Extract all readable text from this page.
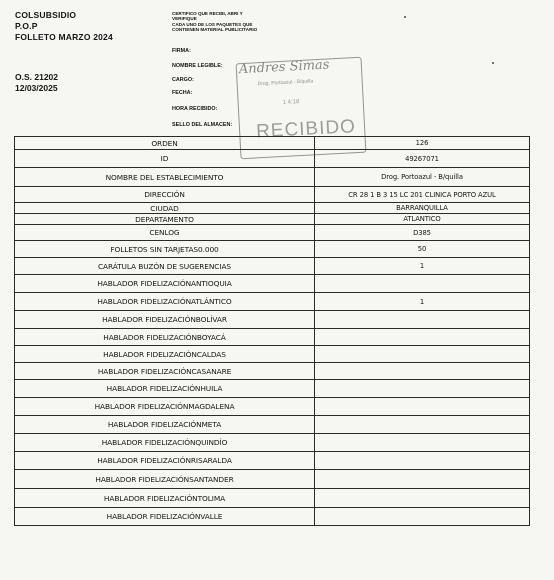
COLSUBSIDIO
P.O.P
FOLLETO MARZO 2024
O.S. 21202
12/03/2025
CERTIFICO QUE RECIBI, ABRI Y
VERIFIQUE
CADA UNO DE LOS PAQUETES QUE
CONTIENEN MATERIAL PUBLICITARIO
FIRMA:
NOMBRE LEGIBLE:
CARGO:
FECHA:
HORA RECIBIDO:
SELLO DEL ALMACEN:
Andres Simas
Drog. Portoazul - B/quilla
1 4:18
RECIBIDO
ORDEN	126
ID	49267071
NOMBRE DEL ESTABLECIMIENTO	Drog. Portoazul - B/quilla
DIRECCIÓN	CR 28 1 B 3 15 LC 201 CLINICA PORTO AZUL
CIUDAD	BARRANQUILLA
DEPARTAMENTO	ATLANTICO
CENLOG	D385
FOLLETOS SIN TARJETAS0.000	50
CARÁTULA BUZÓN DE SUGERENCIAS	1
HABLADOR FIDELIZACIÓNANTIOQUIA	
HABLADOR FIDELIZACIÓNATLÁNTICO	1
HABLADOR FIDELIZACIÓNBOLÍVAR	
HABLADOR FIDELIZACIÓNBOYACÁ	
HABLADOR FIDELIZACIÓNCALDAS	
HABLADOR FIDELIZACIÓNCASANARE	
HABLADOR FIDELIZACIÓNHUILA	
HABLADOR FIDELIZACIÓNMAGDALENA	
HABLADOR FIDELIZACIÓNMETA	
HABLADOR FIDELIZACIÓNQUINDÍO	
HABLADOR FIDELIZACIÓNRISARALDA	
HABLADOR FIDELIZACIÓNSANTANDER	
HABLADOR FIDELIZACIÓNTOLIMA	
HABLADOR FIDELIZACIÓNVALLE	
